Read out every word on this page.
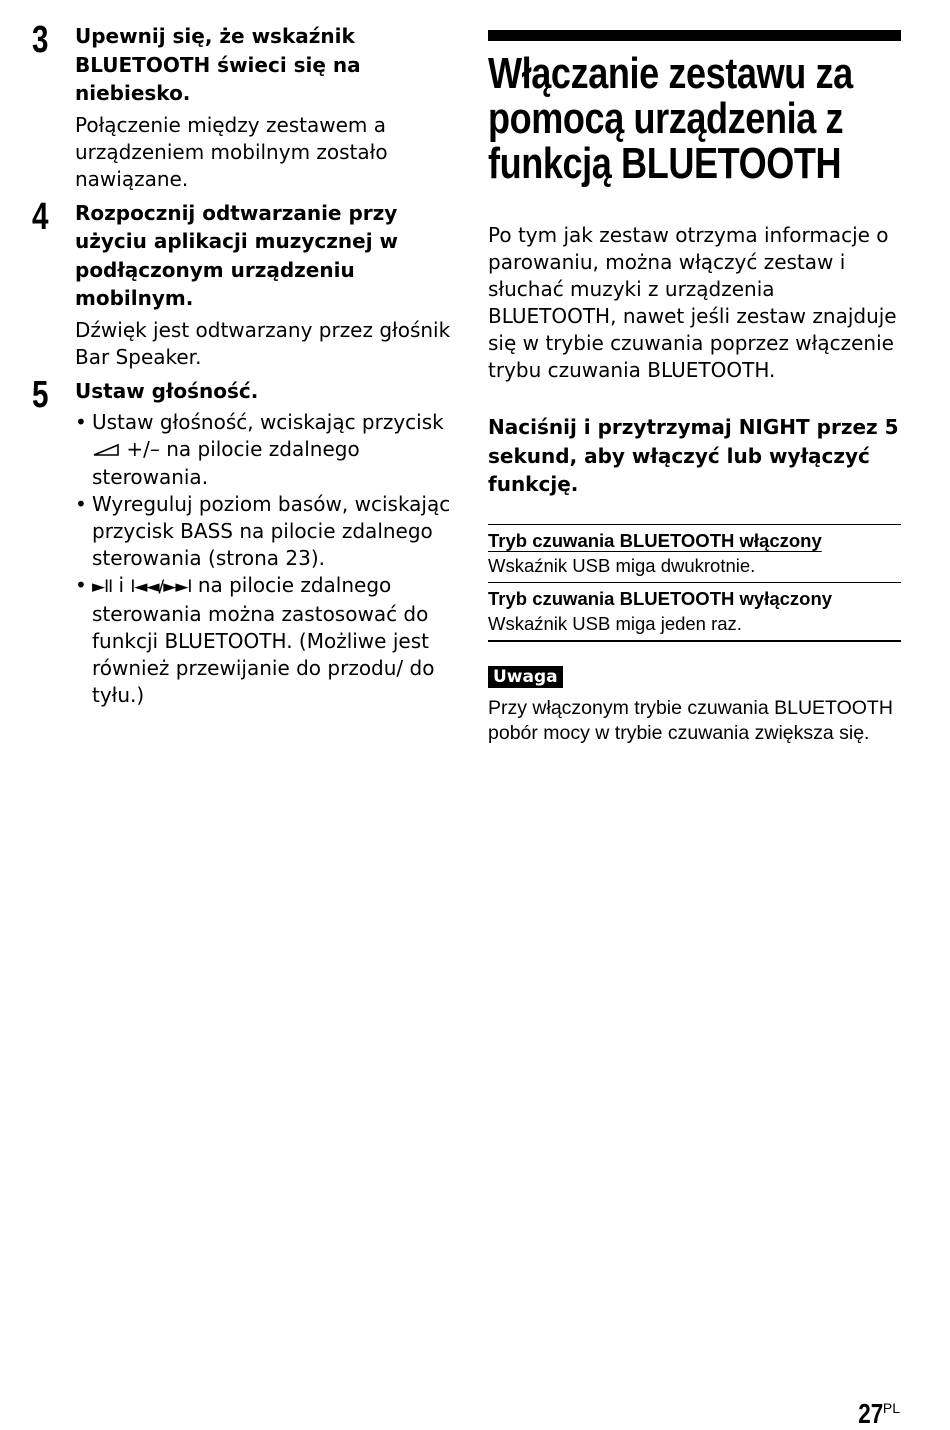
3 Upewnij się, że wskaźnik BLUETOOTH świeci się na niebiesko.

Połączenie między zestawem a urządzeniem mobilnym zostało nawiązane.

4 Rozpocznij odtwarzanie przy użyciu aplikacji muzycznej w podłączonym urządzeniu mobilnym.

Dźwięk jest odtwarzany przez głośnik Bar Speaker.

5 Ustaw głośność.

• Ustaw głośność, wciskając przycisk  +/– na pilocie zdalnego sterowania.
• Wyreguluj poziom basów, wciskając przycisk BASS na pilocie zdalnego sterowania (strona 23).
• ►II i I◄◄/►►I na pilocie zdalnego sterowania można zastosować do funkcji BLUETOOTH. (Możliwe jest również przewijanie do przodu/ do tyłu.)
Włączanie zestawu za pomocą urządzenia z funkcją BLUETOOTH

Po tym jak zestaw otrzyma informacje o parowaniu, można włączyć zestaw i słuchać muzyki z urządzenia BLUETOOTH, nawet jeśli zestaw znajduje się w trybie czuwania poprzez włączenie trybu czuwania BLUETOOTH.

Naciśnij i przytrzymaj NIGHT przez 5 sekund, aby włączyć lub wyłączyć funkcję.

Tryb czuwania BLUETOOTH włączony
Wskaźnik USB miga dwukrotnie.
Tryb czuwania BLUETOOTH wyłączony
Wskaźnik USB miga jeden raz.
Uwaga

Przy włączonym trybie czuwania BLUETOOTH pobór mocy w trybie czuwania zwiększa się.

27PL
